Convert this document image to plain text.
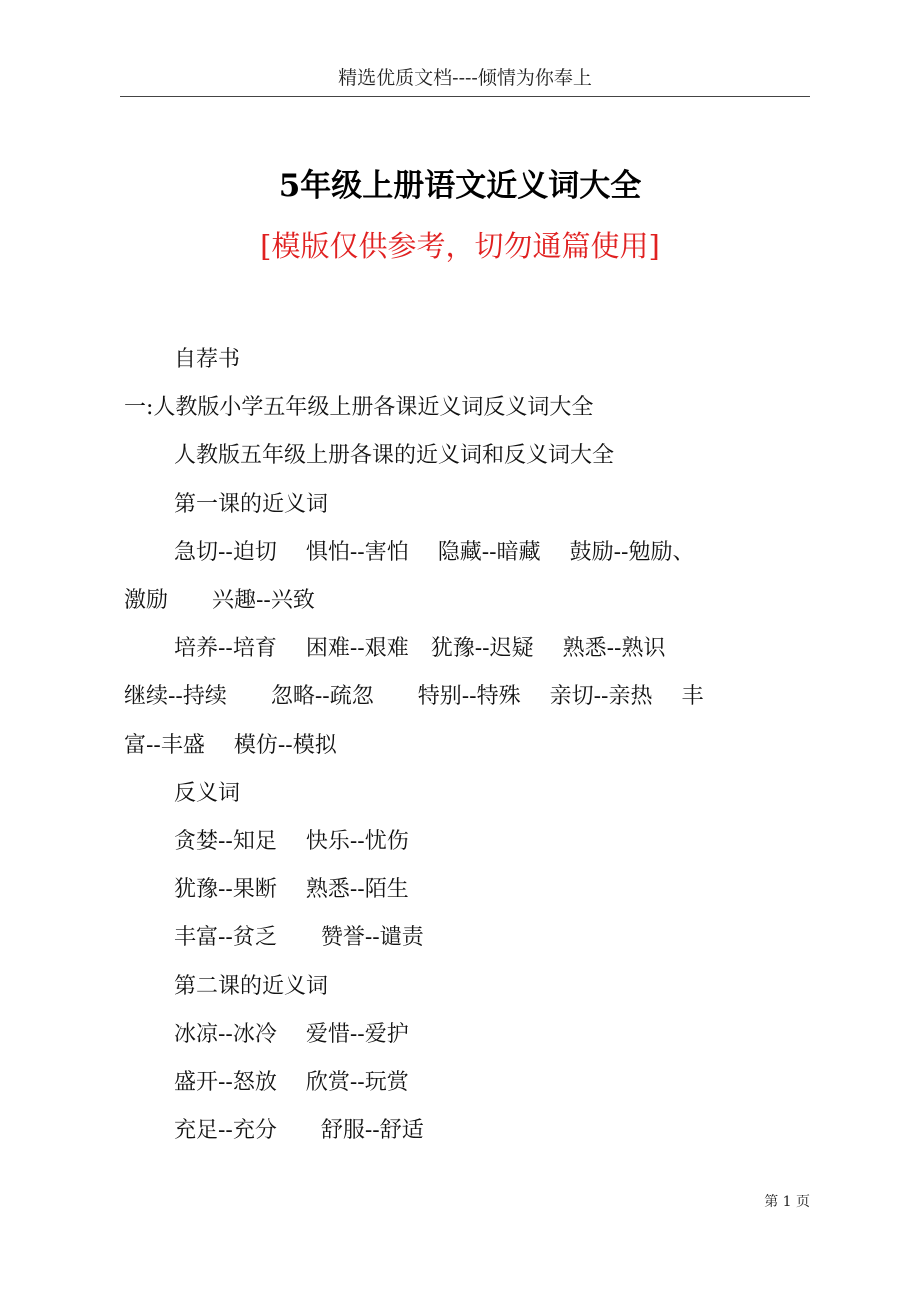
精选优质文档----倾情为你奉上
5年级上册语文近义词大全
[模版仅供参考，切勿通篇使用]

自荐书

一:人教版小学五年级上册各课近义词反义词大全

人教版五年级上册各课的近义词和反义词大全

第一课的近义词

急切--迫切　 惧怕--害怕　 隐藏--暗藏　 鼓励--勉励、

激励　　兴趣--兴致

培养--培育　 困难--艰难　犹豫--迟疑　 熟悉--熟识

继续--持续　　忽略--疏忽　　特别--特殊　 亲切--亲热　 丰

富--丰盛　 模仿--模拟

反义词

贪婪--知足　 快乐--忧伤

犹豫--果断　 熟悉--陌生

丰富--贫乏　　赞誉--谴责

第二课的近义词

冰凉--冰冷　 爱惜--爱护

盛开--怒放　 欣赏--玩赏

充足--充分　　舒服--舒适

第 1 页
